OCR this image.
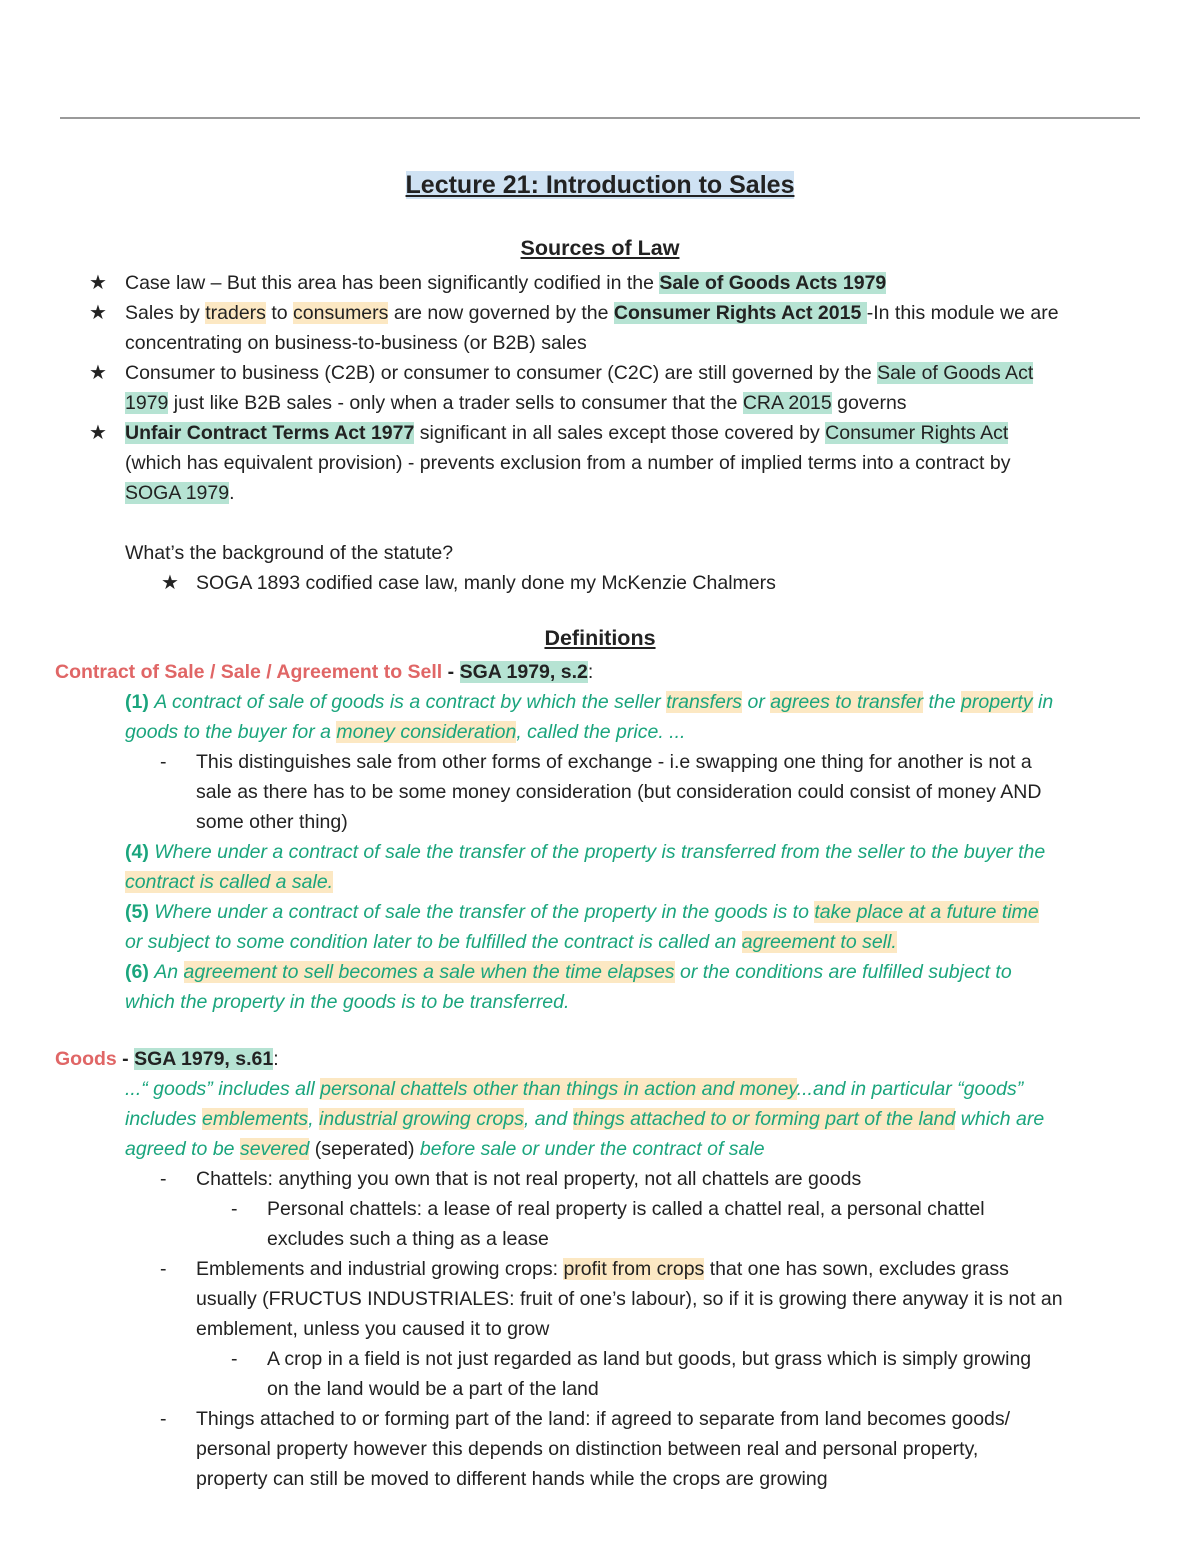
Lecture 21: Introduction to Sales
Sources of Law
Definitions
★ Case law – But this area has been significantly codified in the Sale of Goods Acts 1979
★ Sales by traders to consumers are now governed by the Consumer Rights Act 2015 -In this module we are
concentrating on business-to-business (or B2B) sales
★ Consumer to business (C2B) or consumer to consumer (C2C) are still governed by the Sale of Goods Act
1979 just like B2B sales - only when a trader sells to consumer that the CRA 2015 governs
★ Unfair Contract Terms Act 1977 significant in all sales except those covered by Consumer Rights Act
(which has equivalent provision) - prevents exclusion from a number of implied terms into a contract by
SOGA 1979.
What’s the background of the statute?
★ SOGA 1893 codified case law, manly done my McKenzie Chalmers
Contract of Sale / Sale / Agreement to Sell - SGA 1979, s.2:
(1) A contract of sale of goods is a contract by which the seller transfers or agrees to transfer the property in
goods to the buyer for a money consideration, called the price. ...
- This distinguishes sale from other forms of exchange - i.e swapping one thing for another is not a
sale as there has to be some money consideration (but consideration could consist of money AND
some other thing)
(4) Where under a contract of sale the transfer of the property is transferred from the seller to the buyer the
contract is called a sale.
(5) Where under a contract of sale the transfer of the property in the goods is to take place at a future time
or subject to some condition later to be fulfilled the contract is called an agreement to sell.
(6) An agreement to sell becomes a sale when the time elapses or the conditions are fulfilled subject to
which the property in the goods is to be transferred.
Goods - SGA 1979, s.61:
...“ goods” includes all personal chattels other than things in action and money...and in particular “goods”
includes emblements, industrial growing crops, and things attached to or forming part of the land which are
agreed to be severed (seperated) before sale or under the contract of sale
- Chattels: anything you own that is not real property, not all chattels are goods
- Personal chattels: a lease of real property is called a chattel real, a personal chattel
excludes such a thing as a lease
- Emblements and industrial growing crops: profit from crops that one has sown, excludes grass
usually (FRUCTUS INDUSTRIALES: fruit of one’s labour), so if it is growing there anyway it is not an
emblement, unless you caused it to grow
- A crop in a field is not just regarded as land but goods, but grass which is simply growing
on the land would be a part of the land
- Things attached to or forming part of the land: if agreed to separate from land becomes goods/
personal property however this depends on distinction between real and personal property,
property can still be moved to different hands while the crops are growing
